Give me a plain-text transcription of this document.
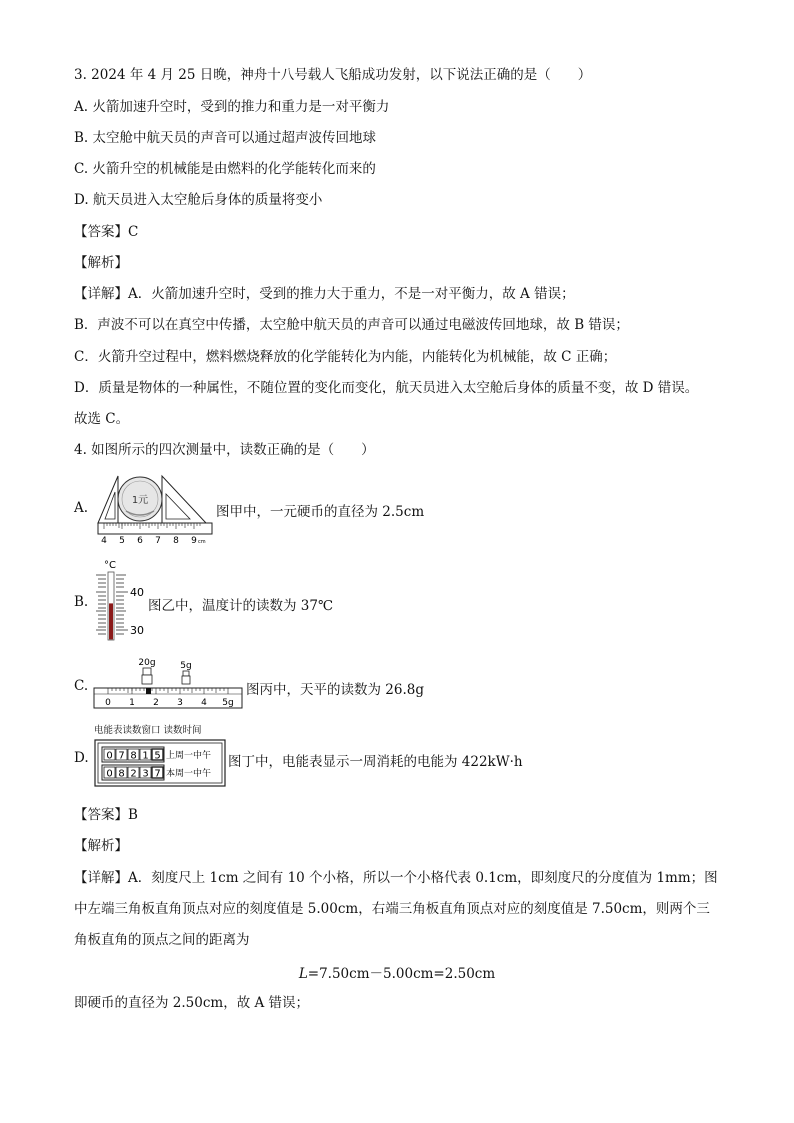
3. 2024 年 4 月 25 日晚，神舟十八号载人飞船成功发射，以下说法正确的是（　　）
A. 火箭加速升空时，受到的推力和重力是一对平衡力
B. 太空舱中航天员的声音可以通过超声波传回地球
C. 火箭升空的机械能是由燃料的化学能转化而来的
D. 航天员进入太空舱后身体的质量将变小
【答案】C
【解析】
【详解】A．火箭加速升空时，受到的推力大于重力，不是一对平衡力，故 A 错误；
B．声波不可以在真空中传播，太空舱中航天员的声音可以通过电磁波传回地球，故 B 错误；
C．火箭升空过程中，燃料燃烧释放的化学能转化为内能，内能转化为机械能，故 C 正确；
D．质量是物体的一种属性，不随位置的变化而变化，航天员进入太空舱后身体的质量不变，故 D 错误。
故选 C。
4. 如图所示的四次测量中，读数正确的是（　　）
A.
4 5 6 7 8 9 cm
1元
图甲中，一元硬币的直径为 2.5cm
B.
°C
40
30
图乙中，温度计的读数为 37℃
C.
20g	5g
0 1 2 3 4 5g
图丙中，天平的读数为 26.8g
电能表读数窗口 读数时间
D. 0 7 8 1 5 上周一中午
0 8 2 3 7 本周一中午
图丁中，电能表显示一周消耗的电能为 422kW·h
【答案】B
【解析】
【详解】A．刻度尺上 1cm 之间有 10 个小格，所以一个小格代表 0.1cm，即刻度尺的分度值为 1mm；图
中左端三角板直角顶点对应的刻度值是 5.00cm，右端三角板直角顶点对应的刻度值是 7.50cm，则两个三
角板直角的顶点之间的距离为
L=7.50cm－5.00cm=2.50cm
即硬币的直径为 2.50cm，故 A 错误；
